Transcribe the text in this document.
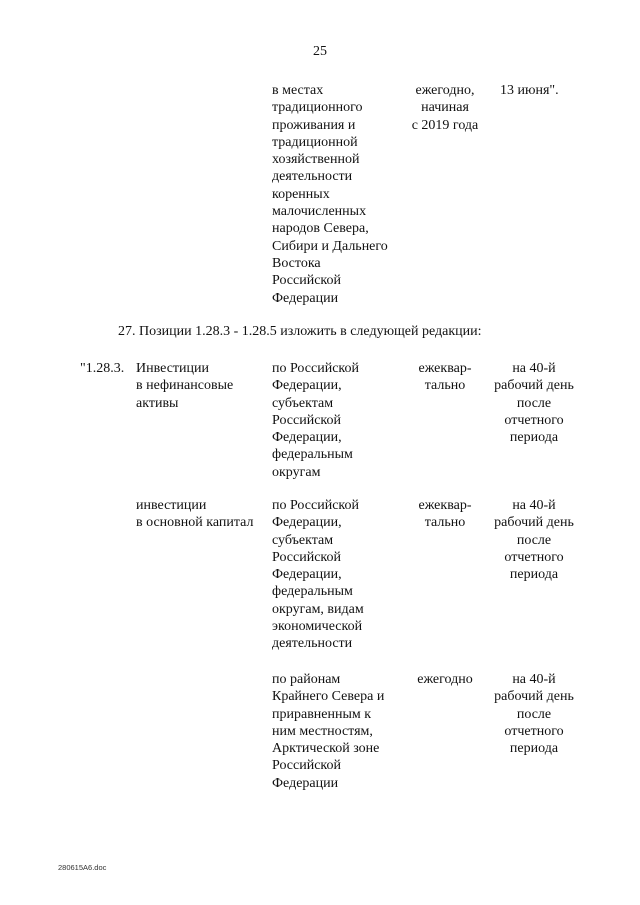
25
в местах
традиционного
проживания и
традиционной
хозяйственной
деятельности
коренных
малочисленных
народов Севера,
Сибири и Дальнего
Востока
Российской
Федерации
ежегодно,
начиная
с 2019 года
13 июня".
27. Позиции 1.28.3 - 1.28.5 изложить в следующей редакции:
"1.28.3. Инвестиции
в нефинансовые
активы
по Российской
Федерации,
субъектам
Российской
Федерации,
федеральным
округам
ежеквар-
тально
на 40-й
рабочий день
после
отчетного
периода
инвестиции
в основной капитал
по Российской
Федерации,
субъектам
Российской
Федерации,
федеральным
округам, видам
экономической
деятельности
ежеквар-
тально
на 40-й
рабочий день
после
отчетного
периода
по районам
Крайнего Севера и
приравненным к
ним местностям,
Арктической зоне
Российской
Федерации
ежегодно	на 40-й
рабочий день
после
отчетного
периода
280615A6.doc
